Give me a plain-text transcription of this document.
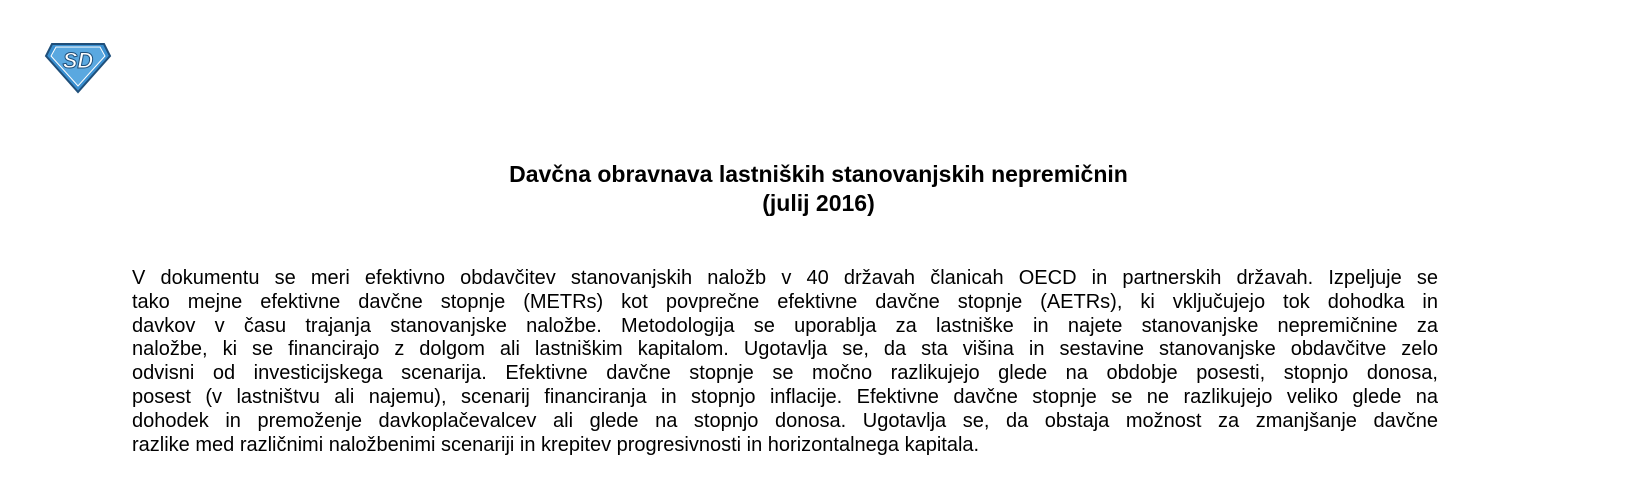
SD

Davčna obravnava lastniških stanovanjskih nepremičnin

(julij 2016)

V dokumentu se meri efektivno obdavčitev stanovanjskih naložb v 40 državah članicah OECD in partnerskih državah. Izpeljuje se
tako mejne efektivne davčne stopnje (METRs) kot povprečne efektivne davčne stopnje (AETRs), ki vključujejo tok dohodka in
davkov v času trajanja stanovanjske naložbe. Metodologija se uporablja za lastniške in najete stanovanjske nepremičnine za
naložbe, ki se financirajo z dolgom ali lastniškim kapitalom. Ugotavlja se, da sta višina in sestavine stanovanjske obdavčitve zelo
odvisni od investicijskega scenarija. Efektivne davčne stopnje se močno razlikujejo glede na obdobje posesti, stopnjo donosa,
posest (v lastništvu ali najemu), scenarij financiranja in stopnjo inflacije. Efektivne davčne stopnje se ne razlikujejo veliko glede na
dohodek in premoženje davkoplačevalcev ali glede na stopnjo donosa. Ugotavlja se, da obstaja možnost za zmanjšanje davčne
razlike med različnimi naložbenimi scenariji in krepitev progresivnosti in horizontalnega kapitala.
